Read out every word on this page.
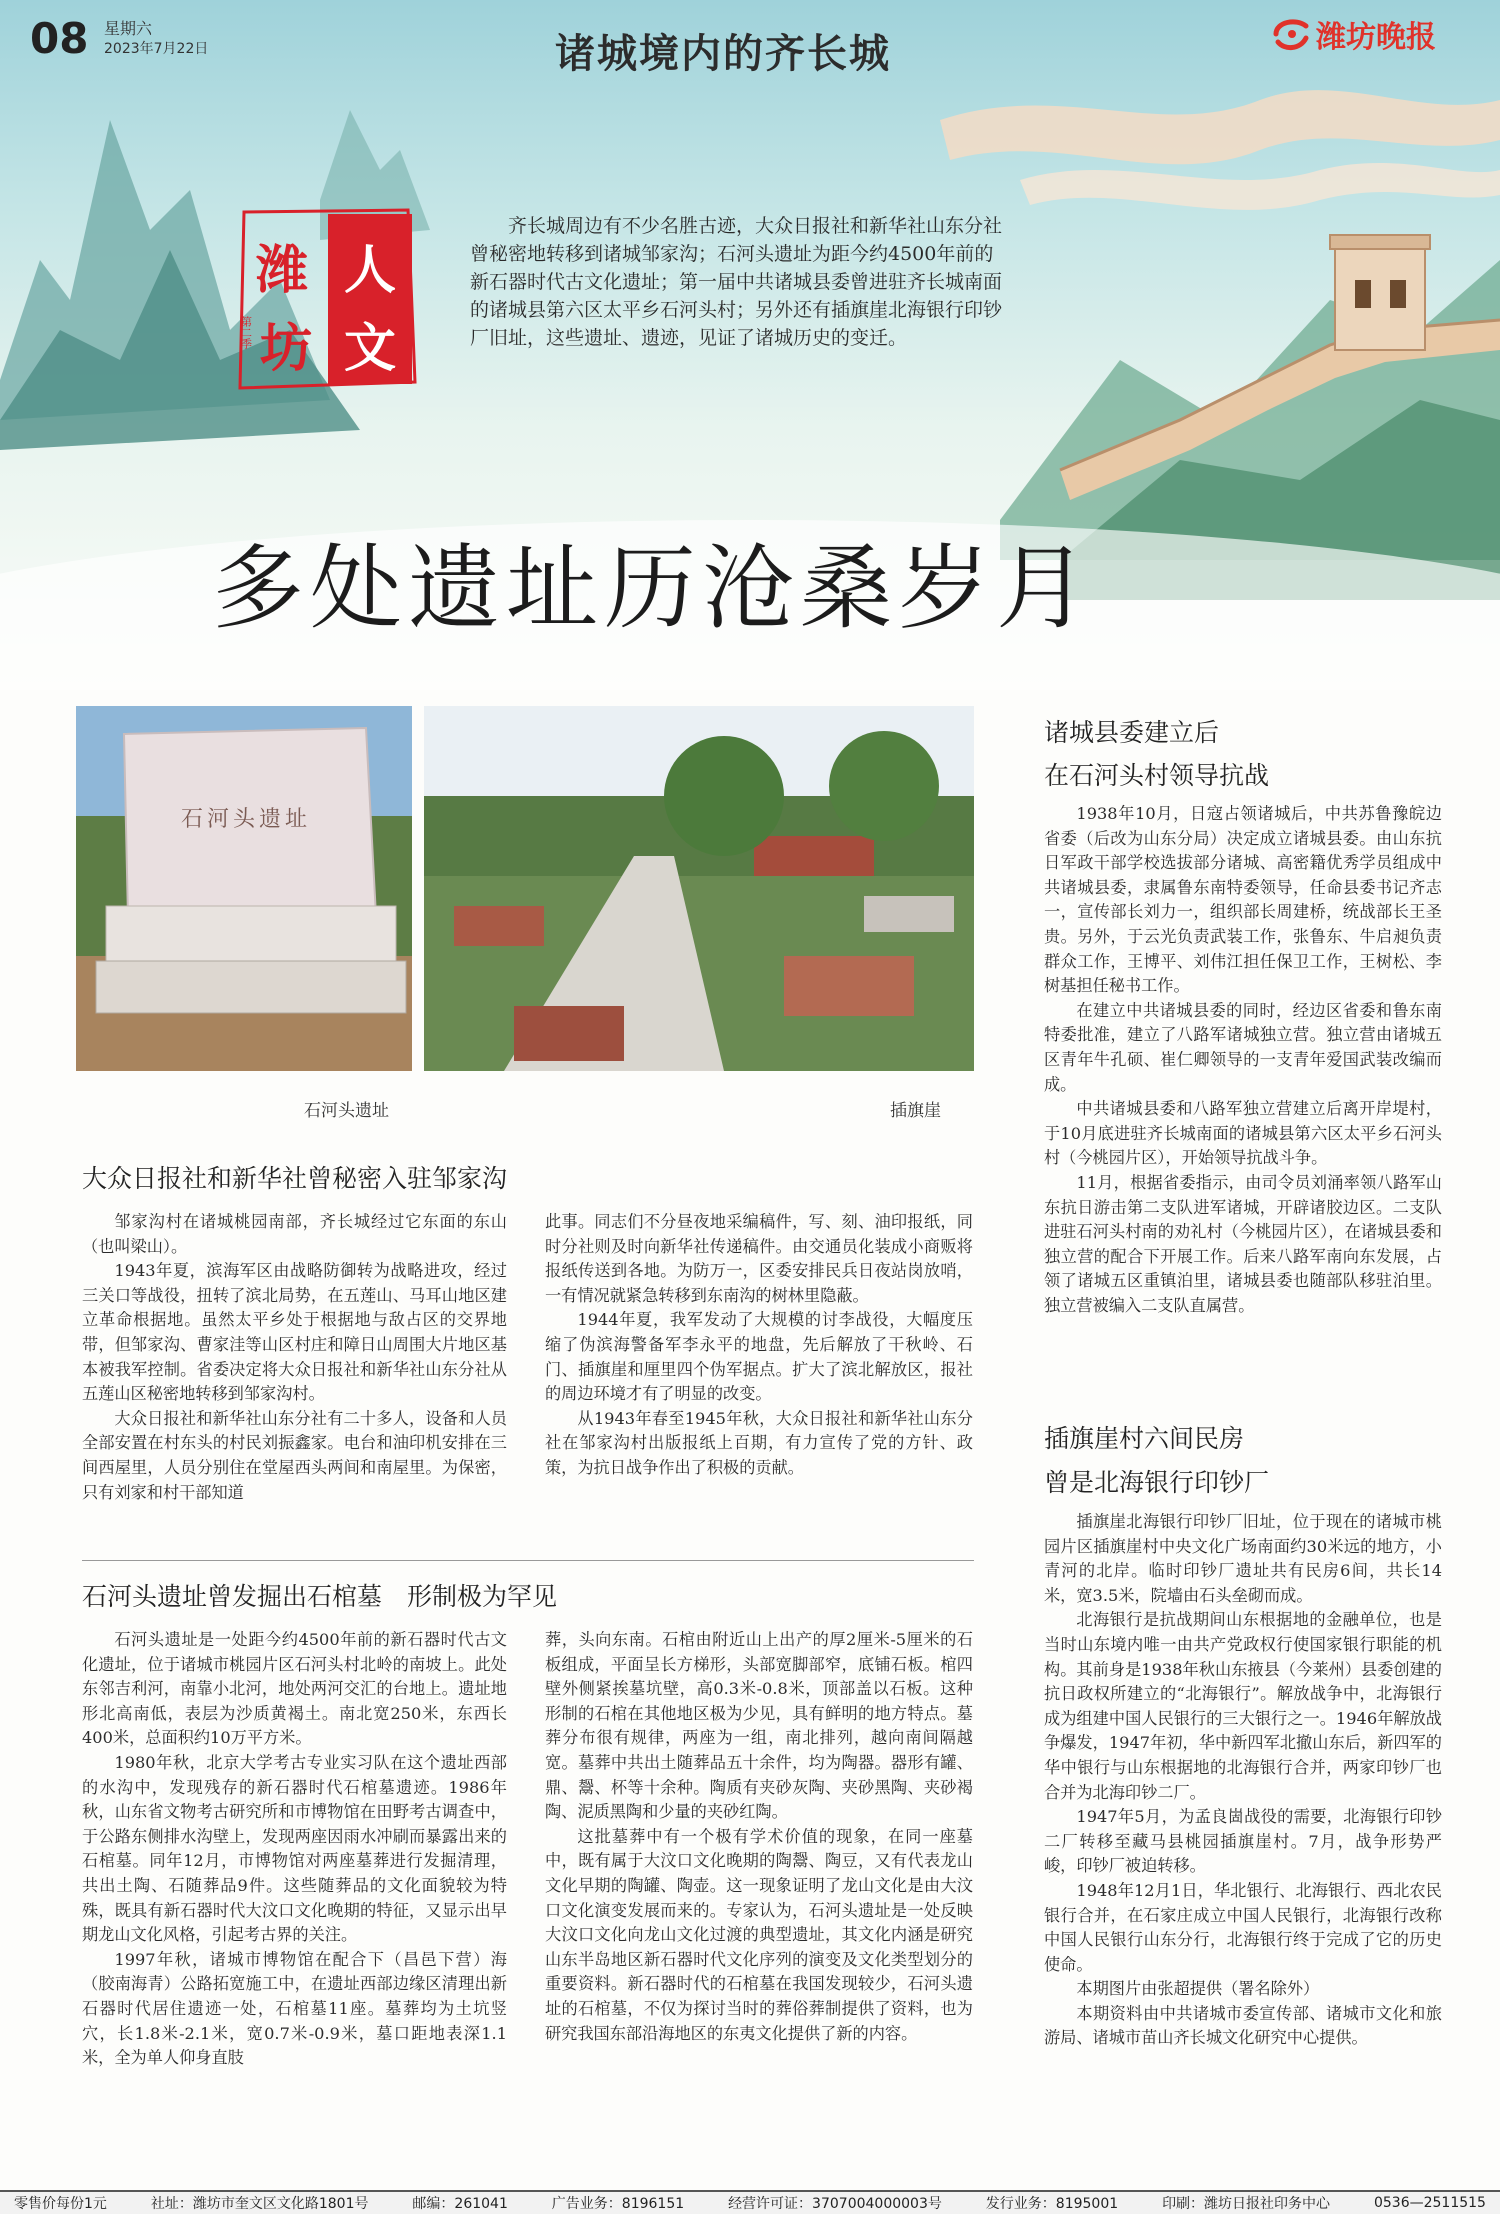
08 星期六
2023年7月22日	诸城境内的齐长城	潍坊晚报
潍
坊
人
文
第二季
齐长城周边有不少名胜古迹，大众日报社和新华社山东分社曾秘密地转移到诸城邹家沟；石河头遗址为距今约4500年前的新石器时代古文化遗址；第一届中共诸城县委曾进驻齐长城南面的诸城县第六区太平乡石河头村；另外还有插旗崖北海银行印钞厂旧址，这些遗址、遗迹，见证了诸城历史的变迁。
多处遗址历沧桑岁月
石河头遗址
石河头遗址	插旗崖
大众日报社和新华社曾秘密入驻邹家沟

邹家沟村在诸城桃园南部，齐长城经过它东面的东山（也叫梁山）。

1943年夏，滨海军区由战略防御转为战略进攻，经过三关口等战役，扭转了滨北局势，在五莲山、马耳山地区建立革命根据地。虽然太平乡处于根据地与敌占区的交界地带，但邹家沟、曹家洼等山区村庄和障日山周围大片地区基本被我军控制。省委决定将大众日报社和新华社山东分社从五莲山区秘密地转移到邹家沟村。

大众日报社和新华社山东分社有二十多人，设备和人员全部安置在村东头的村民刘振鑫家。电台和油印机安排在三间西屋里，人员分别住在堂屋西头两间和南屋里。为保密，只有刘家和村干部知道

此事。同志们不分昼夜地采编稿件，写、刻、油印报纸，同时分社则及时向新华社传递稿件。由交通员化装成小商贩将报纸传送到各地。为防万一，区委安排民兵日夜站岗放哨，一有情况就紧急转移到东南沟的树林里隐蔽。

1944年夏，我军发动了大规模的讨李战役，大幅度压缩了伪滨海警备军李永平的地盘，先后解放了干秋岭、石门、插旗崖和厘里四个伪军据点。扩大了滨北解放区，报社的周边环境才有了明显的改变。

从1943年春至1945年秋，大众日报社和新华社山东分社在邹家沟村出版报纸上百期，有力宣传了党的方针、政策，为抗日战争作出了积极的贡献。

石河头遗址曾发掘出石棺墓　形制极为罕见

石河头遗址是一处距今约4500年前的新石器时代古文化遗址，位于诸城市桃园片区石河头村北岭的南坡上。此处东邻吉利河，南靠小北河，地处两河交汇的台地上。遗址地形北高南低，表层为沙质黄褐土。南北宽250米，东西长400米，总面积约10万平方米。

1980年秋，北京大学考古专业实习队在这个遗址西部的水沟中，发现残存的新石器时代石棺墓遗迹。1986年秋，山东省文物考古研究所和市博物馆在田野考古调查中，于公路东侧排水沟壁上，发现两座因雨水冲刷而暴露出来的石棺墓。同年12月，市博物馆对两座墓葬进行发掘清理，共出土陶、石随葬品9件。这些随葬品的文化面貌较为特殊，既具有新石器时代大汶口文化晚期的特征，又显示出早期龙山文化风格，引起考古界的关注。

1997年秋，诸城市博物馆在配合下（昌邑下营）海（胶南海青）公路拓宽施工中，在遗址西部边缘区清理出新石器时代居住遗迹一处，石棺墓11座。墓葬均为土坑竖穴，长1.8米-2.1米，宽0.7米-0.9米，墓口距地表深1.1米，全为单人仰身直肢

葬，头向东南。石棺由附近山上出产的厚2厘米-5厘米的石板组成，平面呈长方梯形，头部宽脚部窄，底铺石板。棺四壁外侧紧挨墓坑壁，高0.3米-0.8米，顶部盖以石板。这种形制的石棺在其他地区极为少见，具有鲜明的地方特点。墓葬分布很有规律，两座为一组，南北排列，越向南间隔越宽。墓葬中共出土随葬品五十余件，均为陶器。器形有罐、鼎、鬶、杯等十余种。陶质有夹砂灰陶、夹砂黑陶、夹砂褐陶、泥质黑陶和少量的夹砂红陶。

这批墓葬中有一个极有学术价值的现象，在同一座墓中，既有属于大汶口文化晚期的陶鬶、陶豆，又有代表龙山文化早期的陶罐、陶壶。这一现象证明了龙山文化是由大汶口文化演变发展而来的。专家认为，石河头遗址是一处反映大汶口文化向龙山文化过渡的典型遗址，其文化内涵是研究山东半岛地区新石器时代文化序列的演变及文化类型划分的重要资料。新石器时代的石棺墓在我国发现较少，石河头遗址的石棺墓，不仅为探讨当时的葬俗葬制提供了资料，也为研究我国东部沿海地区的东夷文化提供了新的内容。

诸城县委建立后
在石河头村领导抗战

1938年10月，日寇占领诸城后，中共苏鲁豫皖边省委（后改为山东分局）决定成立诸城县委。由山东抗日军政干部学校选拔部分诸城、高密籍优秀学员组成中共诸城县委，隶属鲁东南特委领导，任命县委书记齐志一，宣传部长刘力一，组织部长周建桥，统战部长王圣贵。另外，于云光负责武装工作，张鲁东、牛启昶负责群众工作，王博平、刘伟江担任保卫工作，王树松、李树基担任秘书工作。

在建立中共诸城县委的同时，经边区省委和鲁东南特委批准，建立了八路军诸城独立营。独立营由诸城五区青年牛孔硕、崔仁卿领导的一支青年爱国武装改编而成。

中共诸城县委和八路军独立营建立后离开岸堤村，于10月底进驻齐长城南面的诸城县第六区太平乡石河头村（今桃园片区），开始领导抗战斗争。

11月，根据省委指示，由司令员刘涌率领八路军山东抗日游击第二支队进军诸城，开辟诸胶边区。二支队进驻石河头村南的劝礼村（今桃园片区），在诸城县委和独立营的配合下开展工作。后来八路军南向东发展，占领了诸城五区重镇泊里，诸城县委也随部队移驻泊里。独立营被编入二支队直属营。

插旗崖村六间民房
曾是北海银行印钞厂

插旗崖北海银行印钞厂旧址，位于现在的诸城市桃园片区插旗崖村中央文化广场南面约30米远的地方，小青河的北岸。临时印钞厂遗址共有民房6间，共长14米，宽3.5米，院墙由石头垒砌而成。

北海银行是抗战期间山东根据地的金融单位，也是当时山东境内唯一由共产党政权行使国家银行职能的机构。其前身是1938年秋山东掖县（今莱州）县委创建的抗日政权所建立的“北海银行”。解放战争中，北海银行成为组建中国人民银行的三大银行之一。1946年解放战争爆发，1947年初，华中新四军北撤山东后，新四军的华中银行与山东根据地的北海银行合并，两家印钞厂也合并为北海印钞二厂。

1947年5月，为孟良崮战役的需要，北海银行印钞二厂转移至藏马县桃园插旗崖村。7月，战争形势严峻，印钞厂被迫转移。

1948年12月1日，华北银行、北海银行、西北农民银行合并，在石家庄成立中国人民银行，北海银行改称中国人民银行山东分行，北海银行终于完成了它的历史使命。

本期图片由张超提供（署名除外）

本期资料由中共诸城市委宣传部、诸城市文化和旅游局、诸城市苗山齐长城文化研究中心提供。

零售价每份1元	社址：潍坊市奎文区文化路1801号	邮编：261041	广告业务：8196151	经营许可证：3707004000003号	发行业务：8195001	印刷：潍坊日报社印务中心	0536—2511515
